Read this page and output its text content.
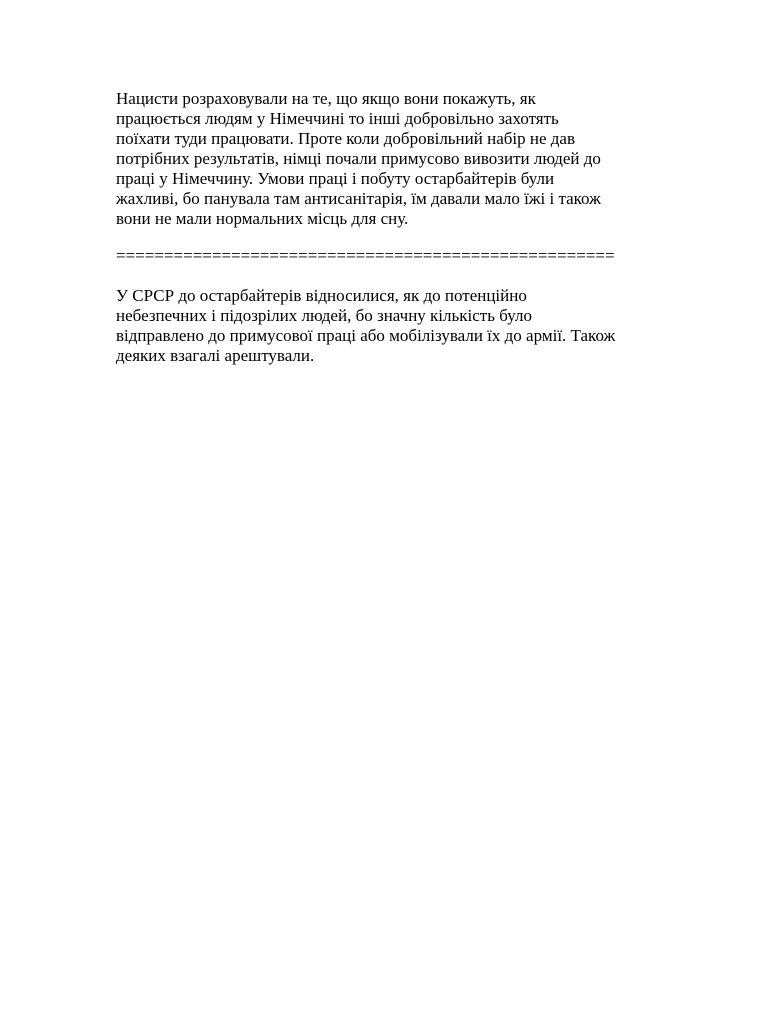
Нацисти розраховували на те, що якщо вони покажуть, як
працюється людям у Німеччині то інші добровільно захотять
поїхати туди працювати. Проте коли добровільний набір не дав
потрібних результатів, німці почали примусово вивозити людей до
праці у Німеччину. Умови праці і побуту остарбайтерів були
жахливі, бо панувала там антисанітарія, їм давали мало їжі і також
вони не мали нормальних місць для сну.
====================================================
У СРСР до остарбайтерів відносилися, як до потенційно
небезпечних і підозрілих людей, бо значну кількість було
відправлено до примусової праці або мобілізували їх до армії. Також
деяких взагалі арештували.
